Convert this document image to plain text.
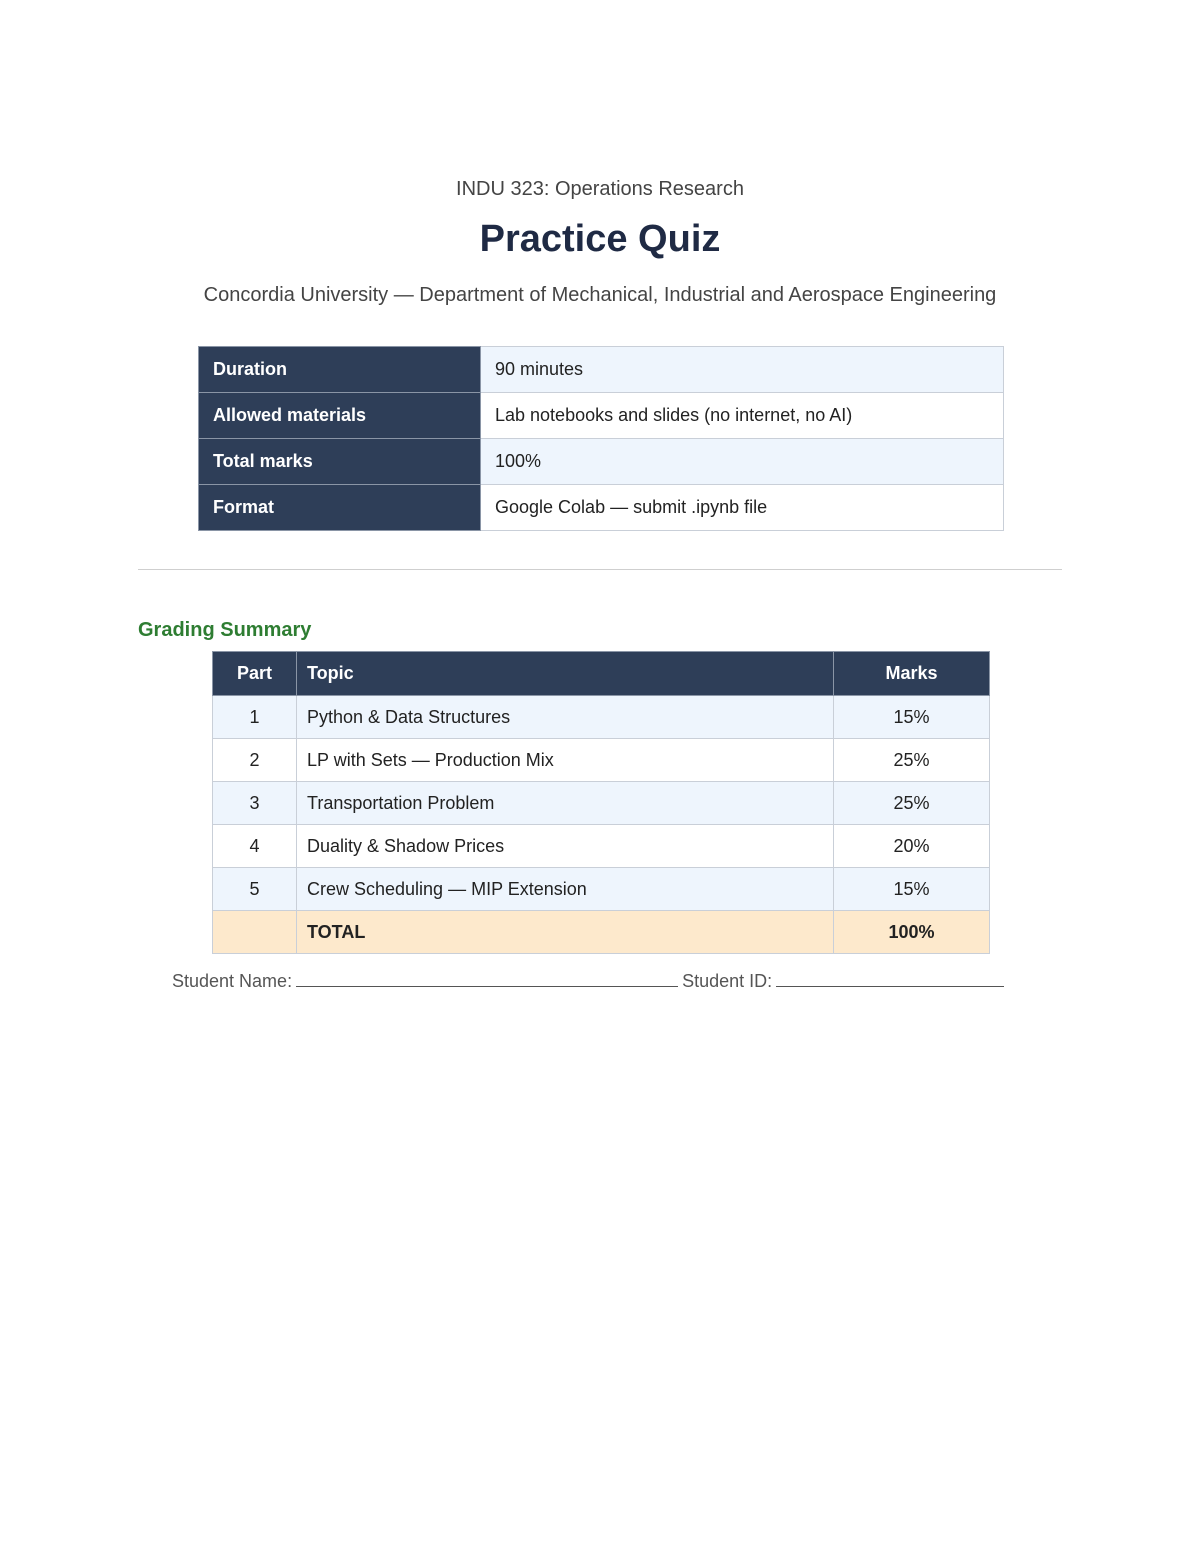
INDU 323: Operations Research
Practice Quiz
Concordia University — Department of Mechanical, Industrial and Aerospace Engineering
Duration	90 minutes
Allowed materials	Lab notebooks and slides (no internet, no AI)
Total marks	100%
Format	Google Colab — submit .ipynb file
Grading Summary
Part	Topic	Marks
1	Python & Data Structures	15%
2	LP with Sets — Production Mix	25%
3	Transportation Problem	25%
4	Duality & Shadow Prices	20%
5	Crew Scheduling — MIP Extension	15%
	TOTAL	100%
Student Name:	Student ID:
